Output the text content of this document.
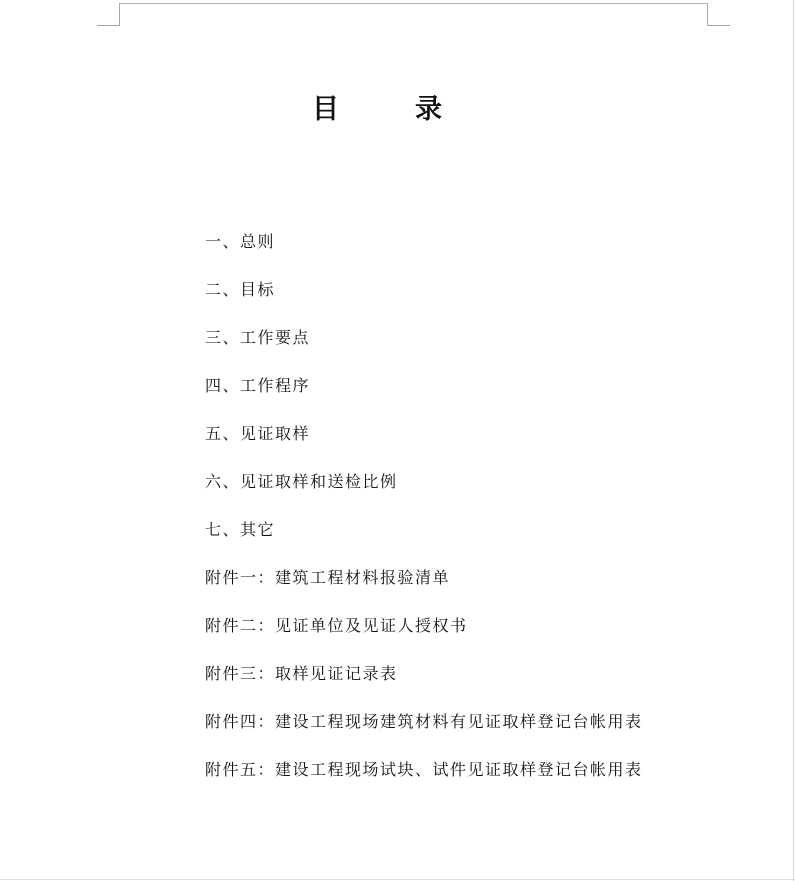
目录
一、总则
二、目标
三、工作要点
四、工作程序
五、见证取样
六、见证取样和送检比例
七、其它
附件一：建筑工程材料报验清单
附件二：见证单位及见证人授权书
附件三：取样见证记录表
附件四：建设工程现场建筑材料有见证取样登记台帐用表
附件五：建设工程现场试块、试件见证取样登记台帐用表
